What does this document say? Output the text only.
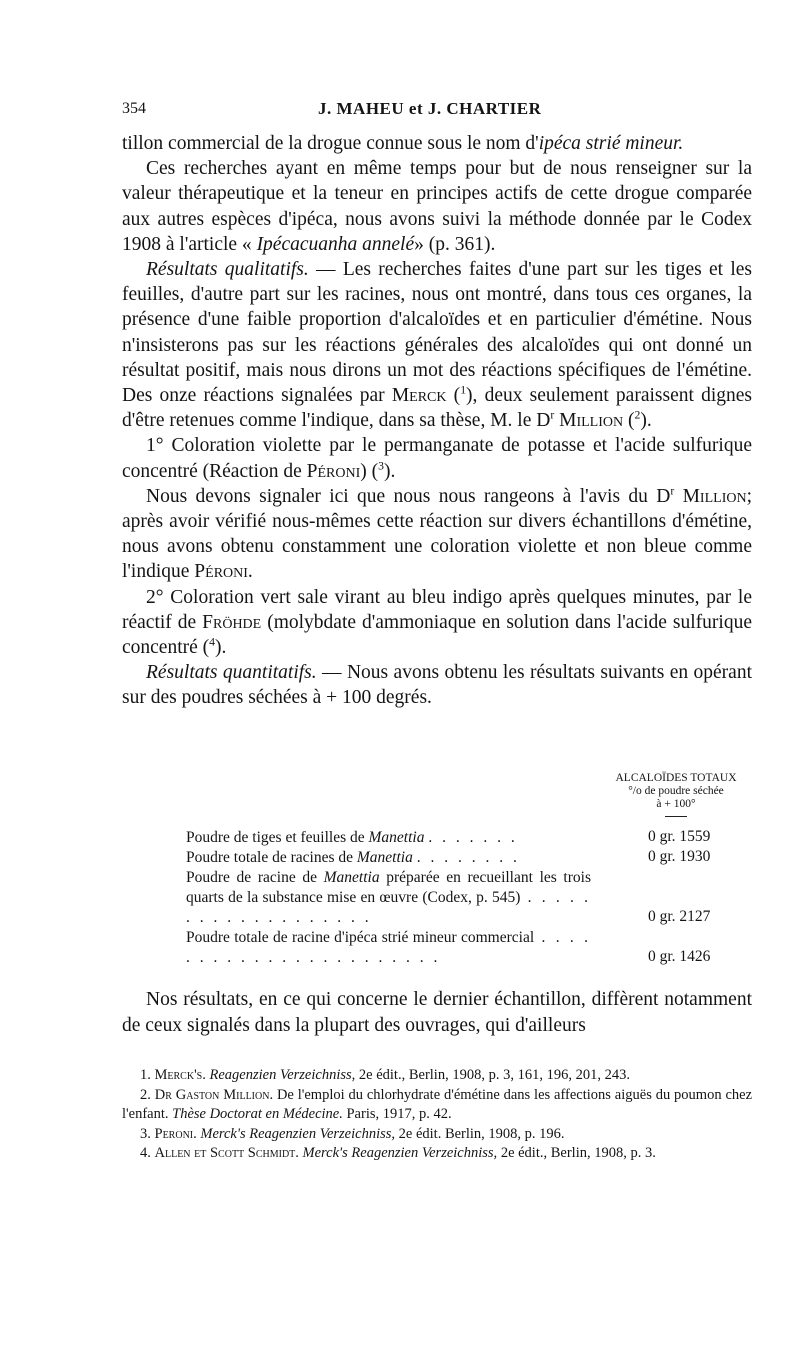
354	J. MAHEU et J. CHARTIER

tillon commercial de la drogue connue sous le nom d'ipéca strié mineur.

Ces recherches ayant en même temps pour but de nous renseigner sur la valeur thérapeutique et la teneur en principes actifs de cette drogue comparée aux autres espèces d'ipéca, nous avons suivi la méthode donnée par le Codex 1908 à l'article « Ipécacuanha annelé» (p. 361).

Résultats qualitatifs. — Les recherches faites d'une part sur les tiges et les feuilles, d'autre part sur les racines, nous ont montré, dans tous ces organes, la présence d'une faible proportion d'alcaloïdes et en particulier d'émétine. Nous n'insisterons pas sur les réactions générales des alcaloïdes qui ont donné un résultat positif, mais nous dirons un mot des réactions spécifiques de l'émétine. Des onze réactions signalées par Merck ($^1$), deux seulement paraissent dignes d'être retenues comme l'indique, dans sa thèse, M. le $D^r$ Million ($^2$).

1° Coloration violette par le permanganate de potasse et l'acide sulfurique concentré (Réaction de Péroni) ($^3$).

Nous devons signaler ici que nous nous rangeons à l'avis du $D^r$ Million; après avoir vérifié nous-mêmes cette réaction sur divers échantillons d'émétine, nous avons obtenu constamment une coloration violette et non bleue comme l'indique Péroni.

2° Coloration vert sale virant au bleu indigo après quelques minutes, par le réactif de Fröhde (molybdate d'ammoniaque en solution dans l'acide sulfurique concentré ($^4$).

Résultats quantitatifs. — Nous avons obtenu les résultats suivants en opérant sur des poudres séchées à + 100 degrés.

ALCALOÏDES TOTAUX
°/o de poudre séchée
à + 100°
Poudre de tiges et feuilles de Manettia . . . . . . .	0 gr. 1559
Poudre totale de racines de Manettia . . . . . . . .	0 gr. 1930
Poudre de racine de Manettia préparée en recueillant les trois quarts de la substance mise en œuvre (Codex, p. 545) . . . . . . . . . . . . . . . . . . .	0 gr. 2127
Poudre totale de racine d'ipéca strié mineur commercial . . . . . . . . . . . . . . . . . . . . . . .	0 gr. 1426

Nos résultats, en ce qui concerne le dernier échantillon, diffèrent notamment de ceux signalés dans la plupart des ouvrages, qui d'ailleurs

1. Merck's. Reagenzien Verzeichniss, 2e édit., Berlin, 1908, p. 3, 161, 196, 201, 243.

2. Dr Gaston Million. De l'emploi du chlorhydrate d'émétine dans les affections aiguës du poumon chez l'enfant. Thèse Doctorat en Médecine. Paris, 1917, p. 42.

3. Peroni. Merck's Reagenzien Verzeichniss, 2e édit. Berlin, 1908, p. 196.

4. Allen et Scott Schmidt. Merck's Reagenzien Verzeichniss, 2e édit., Berlin, 1908, p. 3.
